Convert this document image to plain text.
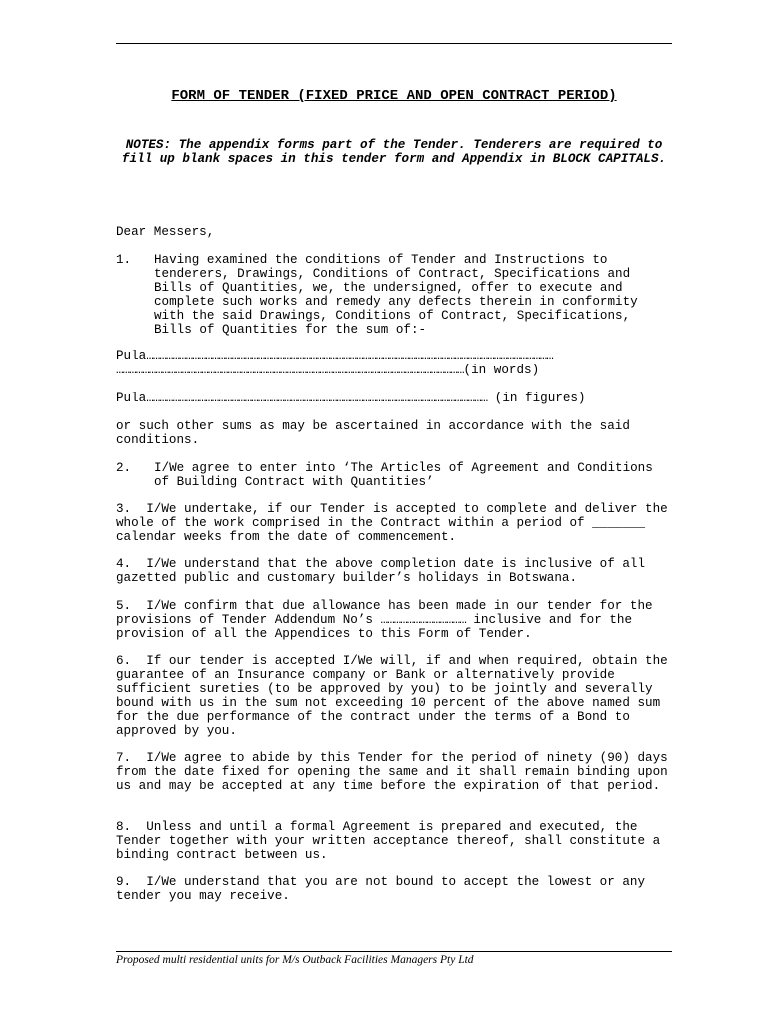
FORM OF TENDER (FIXED PRICE AND OPEN CONTRACT PERIOD)
NOTES: The appendix forms part of the Tender. Tenderers are required to fill up blank spaces in this tender form and Appendix in BLOCK CAPITALS.
Dear Messers,
1.	Having examined the conditions of Tender and Instructions to tenderers, Drawings, Conditions of Contract, Specifications and Bills of Quantities, we, the undersigned, offer to execute and complete such works and remedy any defects therein in conformity with the said Drawings, Conditions of Contract, Specifications, Bills of Quantities for the sum of:-
Pula……………………………………………………………………………………………………………………………………………………………………
……………………………………………………………………………………………………………………………………………(in words)
Pula………………………………………………………………………………………………………………………………………… (in figures)
or such other sums as may be ascertained in accordance with the said conditions.
2.	I/We agree to enter into ‘The Articles of Agreement and Conditions of Building Contract with Quantities’
3.  I/We undertake, if our Tender is accepted to complete and deliver the whole of the work comprised in the Contract within a period of _______ calendar weeks from the date of commencement.
4.  I/We understand that the above completion date is inclusive of all gazetted public and customary builder’s holidays in Botswana.
5.  I/We confirm that due allowance has been made in our tender for the provisions of Tender Addendum No’s ………………………………… inclusive and for the provision of all the Appendices to this Form of Tender.
6.  If our tender is accepted I/We will, if and when required, obtain the guarantee of an Insurance company or Bank or alternatively provide sufficient sureties (to be approved by you) to be jointly and severally bound with us in the sum not exceeding 10 percent of the above named sum for the due performance of the contract under the terms of a Bond to approved by you.
7.  I/We agree to abide by this Tender for the period of ninety (90) days from the date fixed for opening the same and it shall remain binding upon us and may be accepted at any time before the expiration of that period.
8.  Unless and until a formal Agreement is prepared and executed, the Tender together with your written acceptance thereof, shall constitute a binding contract between us.
9.  I/We understand that you are not bound to accept the lowest or any tender you may receive.
Proposed multi residential units for M/s Outback Facilities Managers Pty Ltd
